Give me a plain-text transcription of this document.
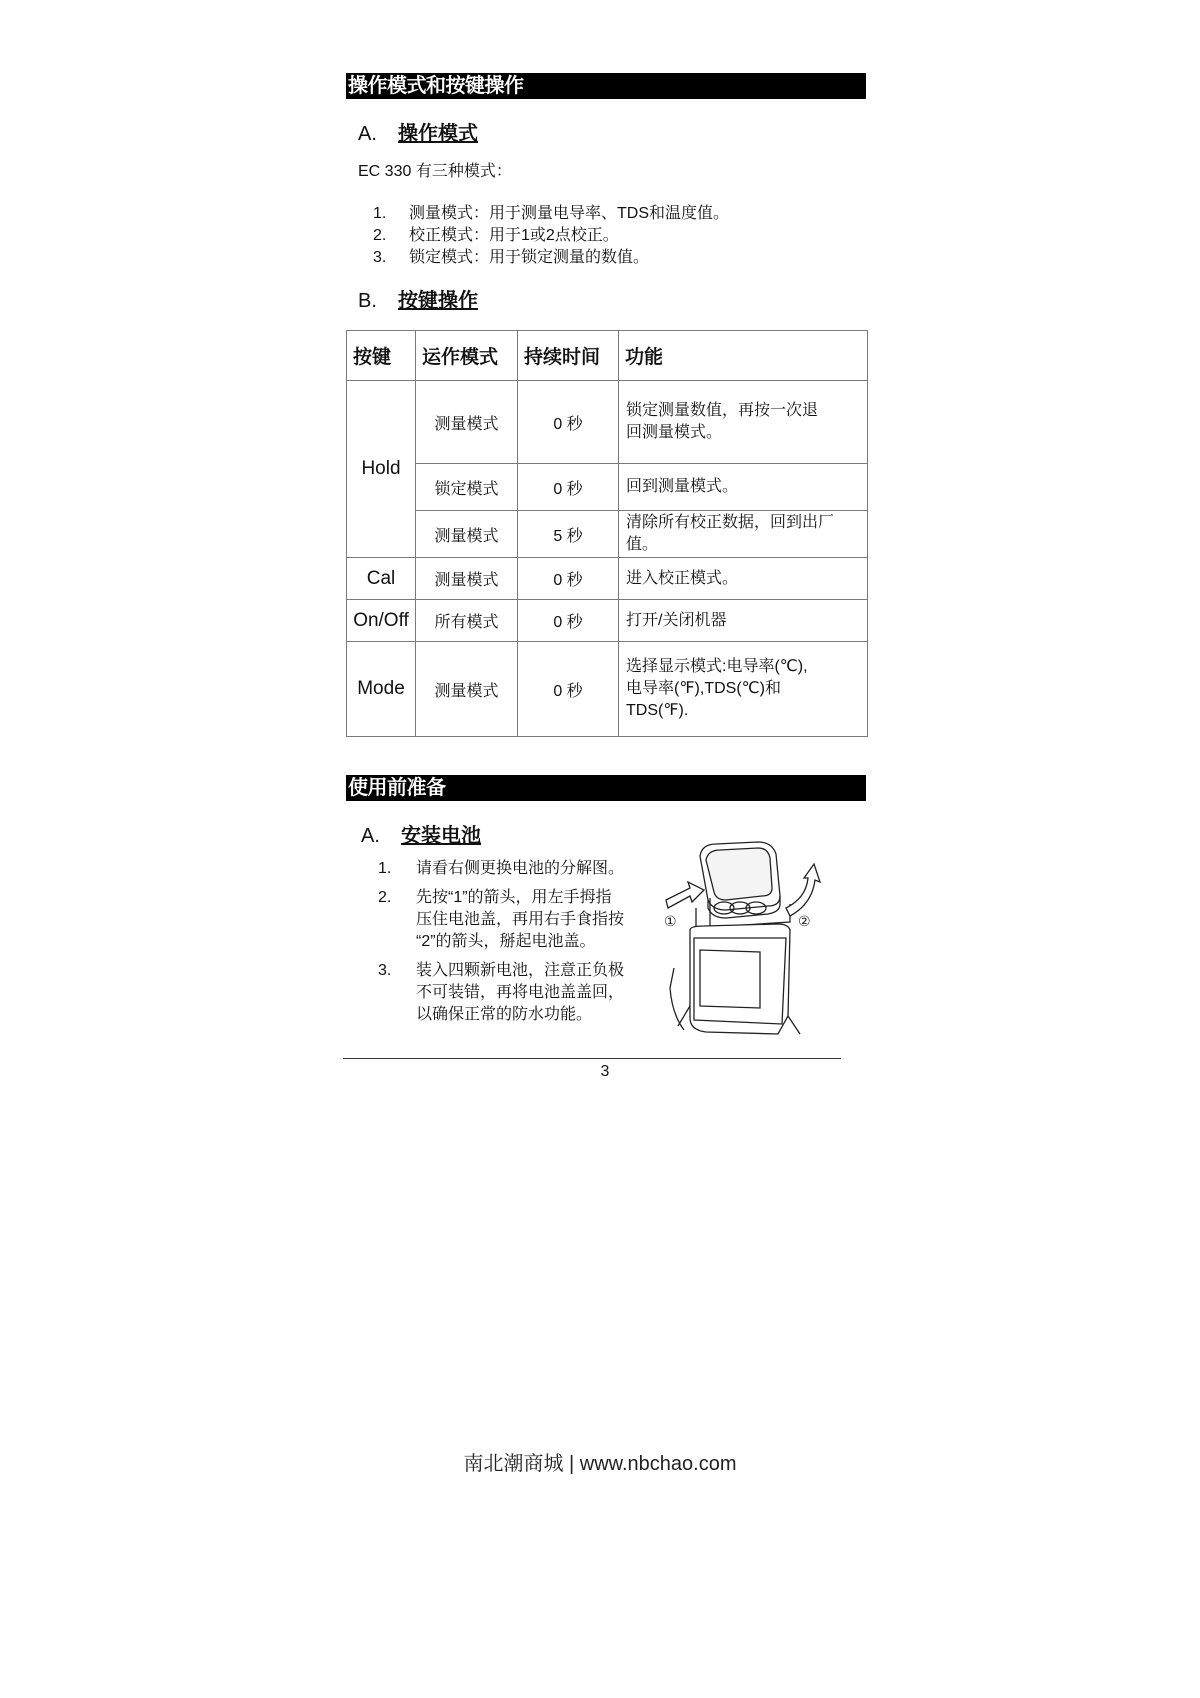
操作模式和按键操作
A. 操作模式
EC 330 有三种模式：
1.	测量模式：用于测量电导率、TDS和温度值。
2.	校正模式：用于1或2点校正。
3.	锁定模式：用于锁定测量的数值。
B. 按键操作
按键	运作模式	持续时间	功能
Hold	测量模式	0 秒	锁定测量数值，再按一次退
回测量模式。
	锁定模式	0 秒	回到测量模式。
	测量模式	5 秒	清除所有校正数据，回到出厂
值。
Cal	测量模式	0 秒	进入校正模式。
On/Off	所有模式	0 秒	打开/关闭机器
Mode	测量模式	0 秒	选择显示模式:电导率(℃),
电导率(℉),TDS(℃)和
TDS(℉).
使用前准备
A. 安装电池
1.	请看右侧更换电池的分解图。
2.	先按“1”的箭头，用左手拇指
压住电池盖，再用右手食指按
“2”的箭头，掰起电池盖。
3.	装入四颗新电池，注意正负极
不可装错，再将电池盖盖回，
以确保正常的防水功能。
①	②
3
南北潮商城 | www.nbchao.com
